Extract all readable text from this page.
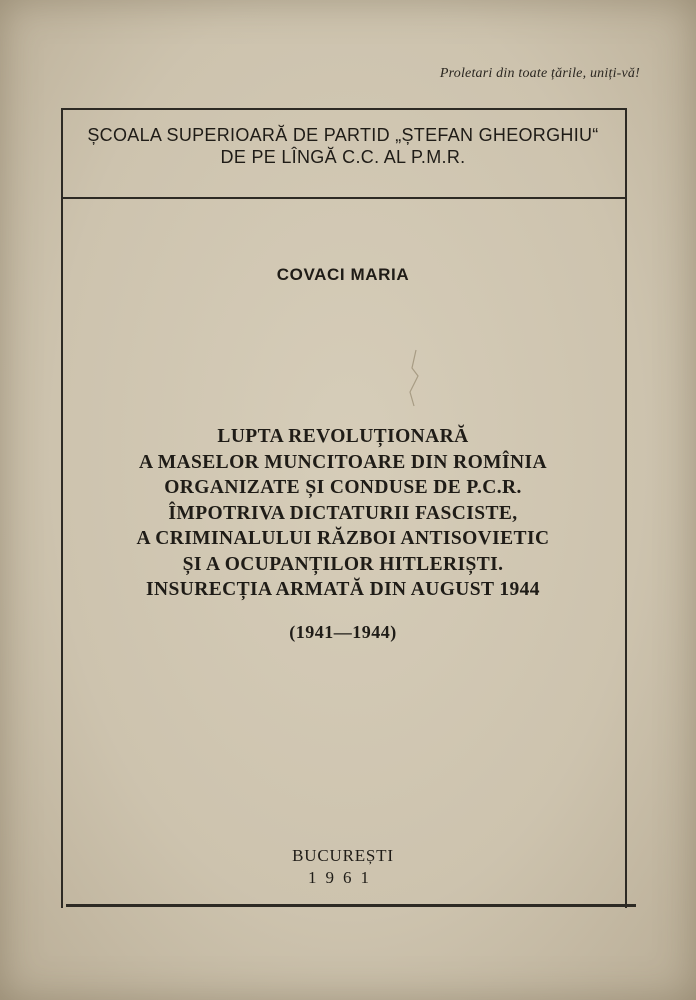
Proletari din toate țările, uniți-vă!
ȘCOALA SUPERIOARĂ DE PARTID „ȘTEFAN GHEORGHIU“
DE PE LÎNGĂ C.C. AL P.M.R.
COVACI MARIA
LUPTA REVOLUȚIONARĂ
A MASELOR MUNCITOARE DIN ROMÎNIA
ORGANIZATE ȘI CONDUSE DE P.C.R.
ÎMPOTRIVA DICTATURII FASCISTE,
A CRIMINALULUI RĂZBOI ANTISOVIETIC
ȘI A OCUPANȚILOR HITLERIȘTI.
INSURECȚIA ARMATĂ DIN AUGUST 1944
(1941—1944)
BUCUREȘTI
1961
